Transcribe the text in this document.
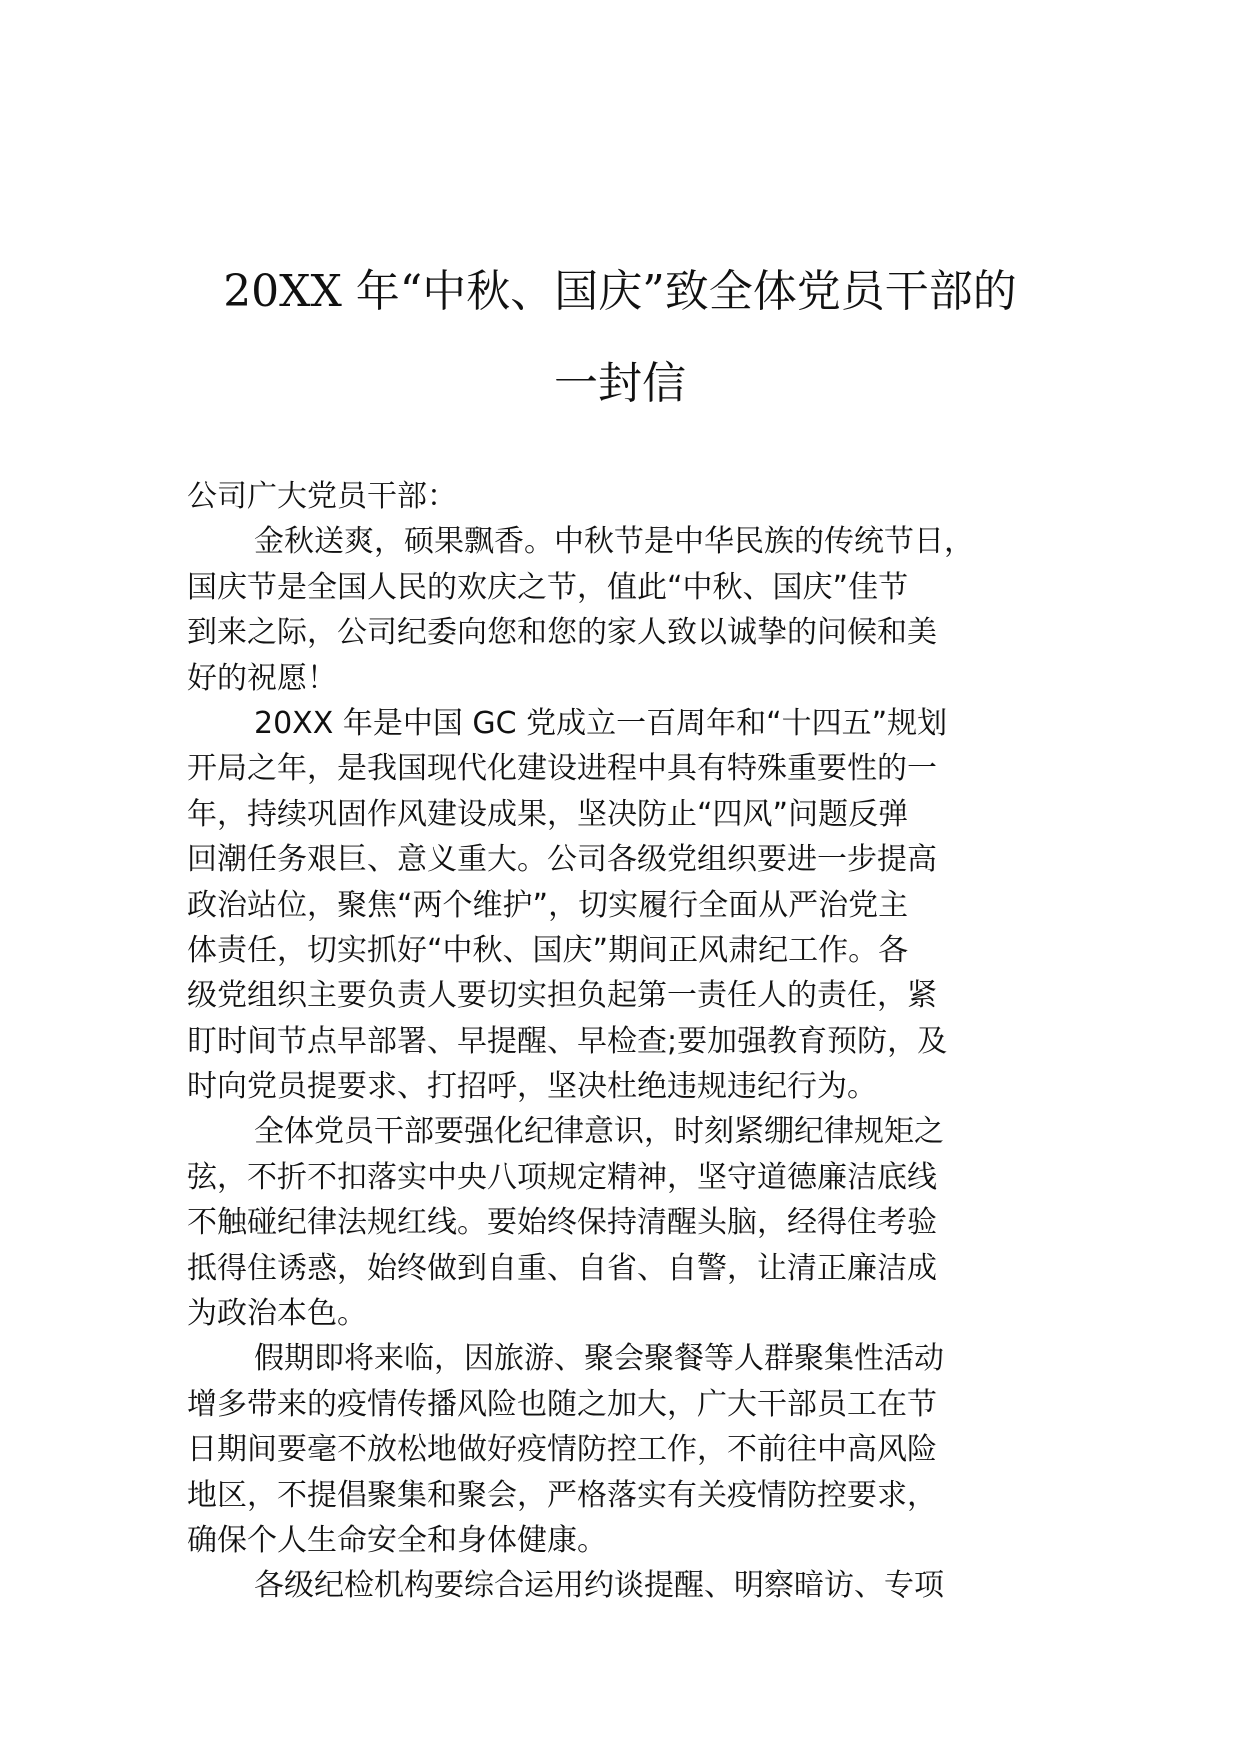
20XX 年“中秋、国庆”致全体党员干部的
一封信
公司广大党员干部：
金秋送爽，硕果飘香。中秋节是中华民族的传统节日，
国庆节是全国人民的欢庆之节，值此“中秋、国庆”佳节
到来之际，公司纪委向您和您的家人致以诚挚的问候和美
好的祝愿！
20XX 年是中国 GC 党成立一百周年和“十四五”规划
开局之年，是我国现代化建设进程中具有特殊重要性的一
年，持续巩固作风建设成果，坚决防止“四风”问题反弹
回潮任务艰巨、意义重大。公司各级党组织要进一步提高
政治站位，聚焦“两个维护”，切实履行全面从严治党主
体责任，切实抓好“中秋、国庆”期间正风肃纪工作。各
级党组织主要负责人要切实担负起第一责任人的责任，紧
盯时间节点早部署、早提醒、早检查;要加强教育预防，及
时向党员提要求、打招呼，坚决杜绝违规违纪行为。
全体党员干部要强化纪律意识，时刻紧绷纪律规矩之
弦，不折不扣落实中央八项规定精神，坚守道德廉洁底线
不触碰纪律法规红线。要始终保持清醒头脑，经得住考验
抵得住诱惑，始终做到自重、自省、自警，让清正廉洁成
为政治本色。
假期即将来临，因旅游、聚会聚餐等人群聚集性活动
增多带来的疫情传播风险也随之加大，广大干部员工在节
日期间要毫不放松地做好疫情防控工作，不前往中高风险
地区，不提倡聚集和聚会，严格落实有关疫情防控要求，
确保个人生命安全和身体健康。
各级纪检机构要综合运用约谈提醒、明察暗访、专项
